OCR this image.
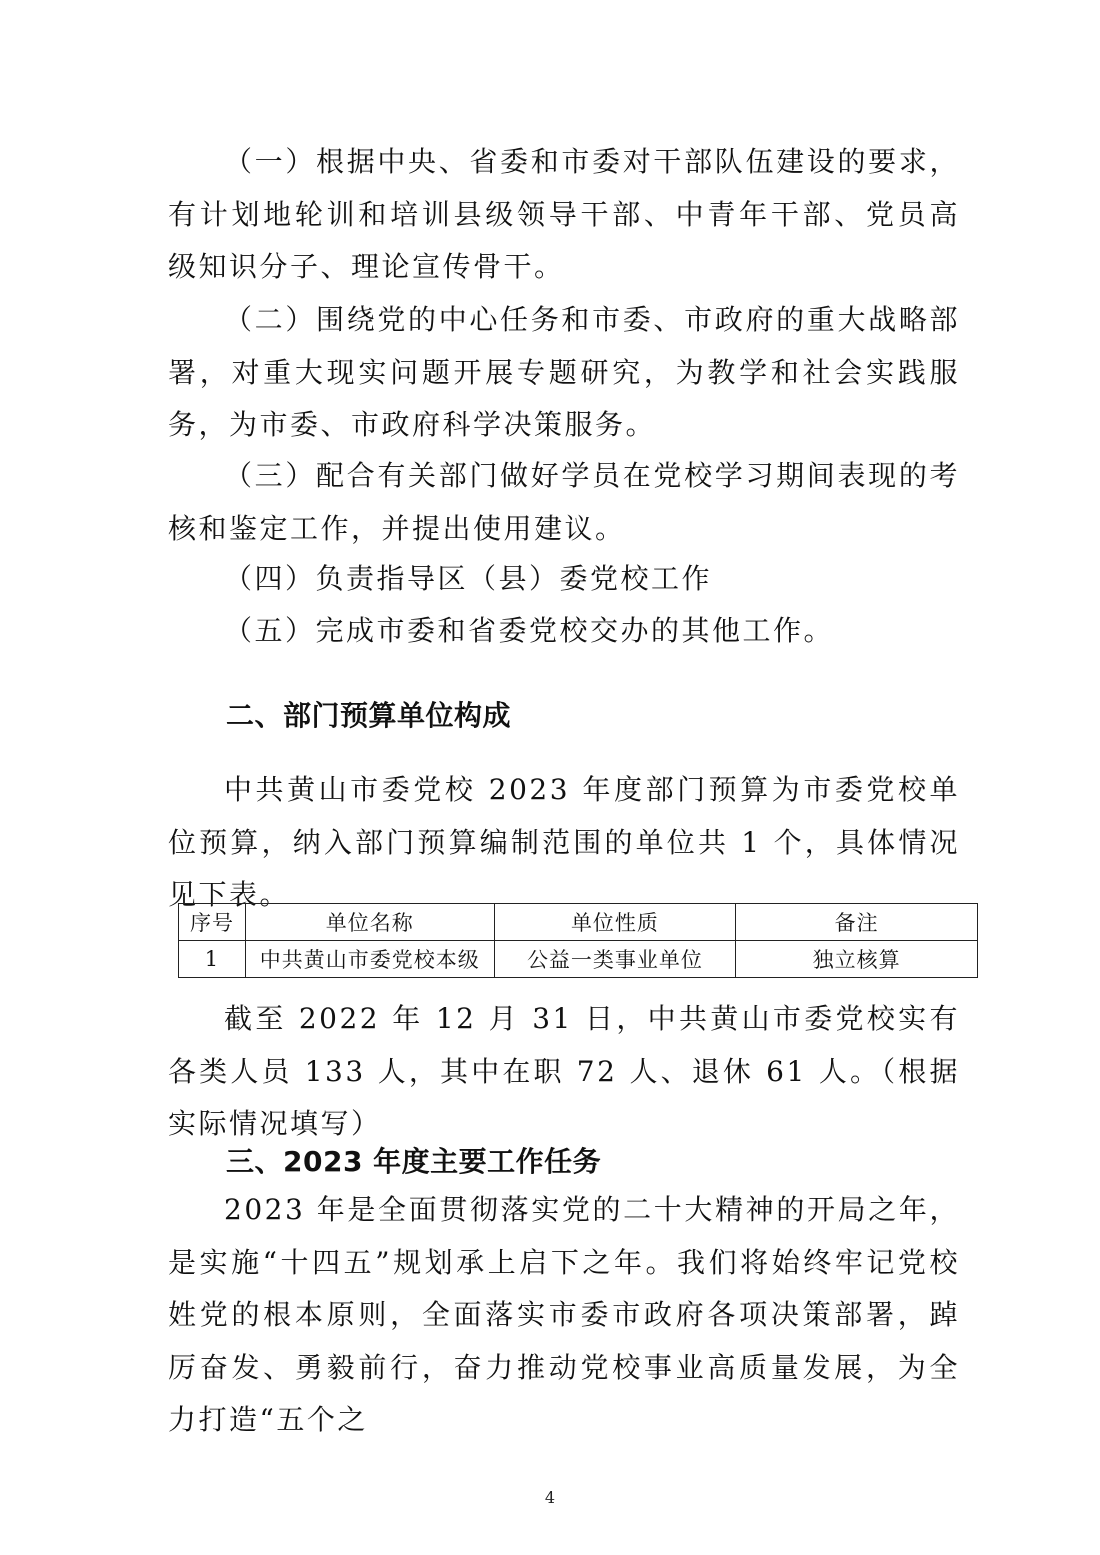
（一）根据中央、省委和市委对干部队伍建设的要求，有计划地轮训和培训县级领导干部、中青年干部、党员高级知识分子、理论宣传骨干。

（二）围绕党的中心任务和市委、市政府的重大战略部署，对重大现实问题开展专题研究，为教学和社会实践服务，为市委、市政府科学决策服务。

（三）配合有关部门做好学员在党校学习期间表现的考核和鉴定工作，并提出使用建议。

（四）负责指导区（县）委党校工作

（五）完成市委和省委党校交办的其他工作。

二、部门预算单位构成

中共黄山市委党校 2023 年度部门预算为市委党校单位预算，纳入部门预算编制范围的单位共 1 个，具体情况见下表。

序号	单位名称	单位性质	备注
1	中共黄山市委党校本级	公益一类事业单位	独立核算

截至 2022 年 12 月 31 日，中共黄山市委党校实有各类人员 133 人，其中在职 72 人、退休 61 人。（根据实际情况填写）

三、2023 年度主要工作任务

2023 年是全面贯彻落实党的二十大精神的开局之年，是实施“十四五”规划承上启下之年。我们将始终牢记党校姓党的根本原则，全面落实市委市政府各项决策部署，踔厉奋发、勇毅前行，奋力推动党校事业高质量发展，为全力打造“五个之

4
